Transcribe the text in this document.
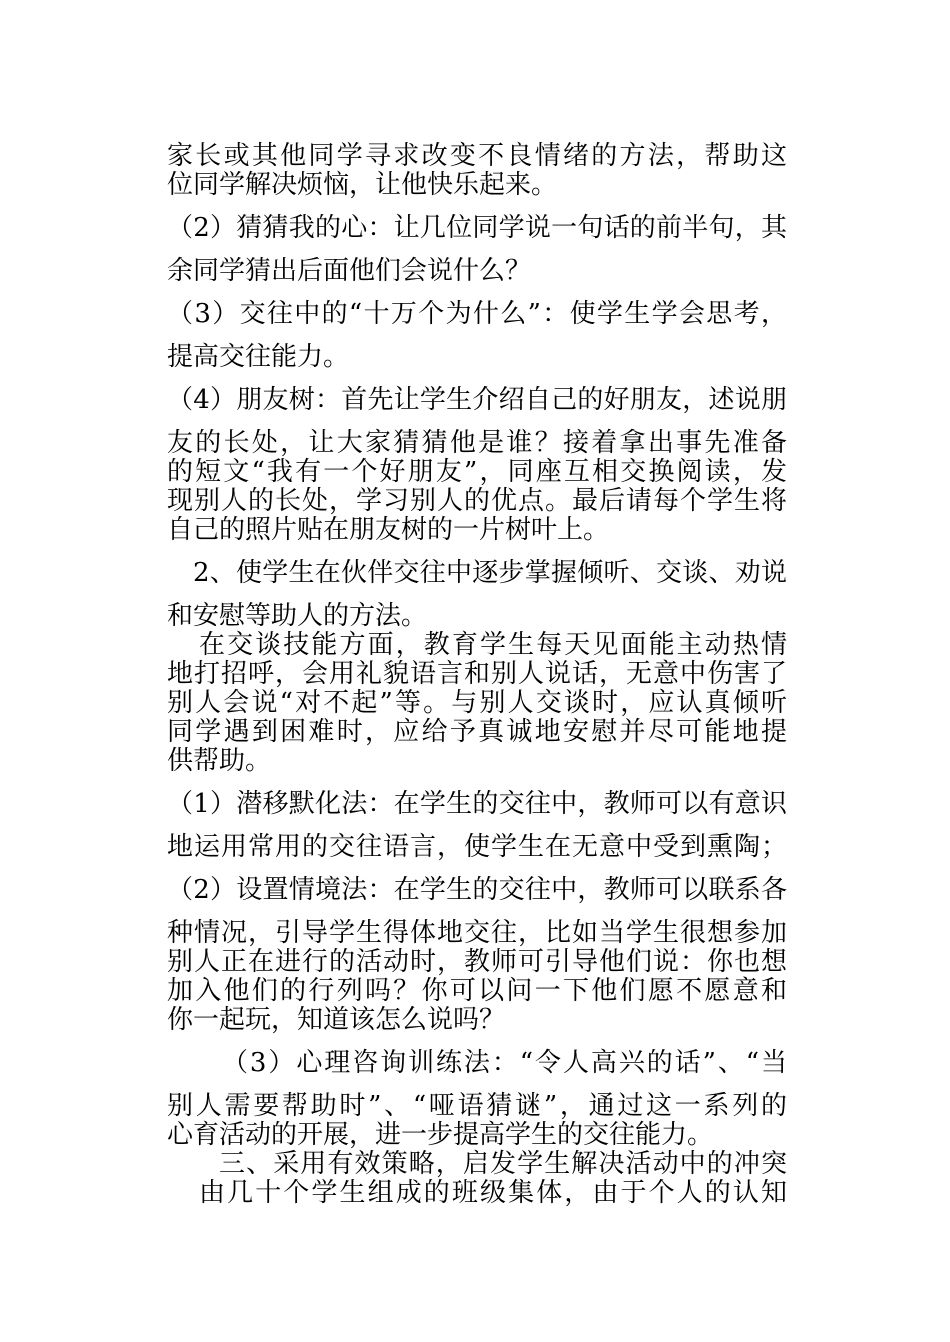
家长或其他同学寻求改变不良情绪的方法，帮助这
位同学解决烦恼，让他快乐起来。
（2）猜猜我的心：让几位同学说一句话的前半句，其
余同学猜出后面他们会说什么？
（3）交往中的“十万个为什么”：使学生学会思考，
提高交往能力。
（4）朋友树：首先让学生介绍自己的好朋友，述说朋
友的长处，让大家猜猜他是谁？接着拿出事先准备
的短文“我有一个好朋友”，同座互相交换阅读，发
现别人的长处，学习别人的优点。最后请每个学生将
自己的照片贴在朋友树的一片树叶上。
2、使学生在伙伴交往中逐步掌握倾听、交谈、劝说
和安慰等助人的方法。
在交谈技能方面，教育学生每天见面能主动热情
地打招呼，会用礼貌语言和别人说话，无意中伤害了
别人会说“对不起”等。与别人交谈时，应认真倾听
同学遇到困难时，应给予真诚地安慰并尽可能地提
供帮助。
（1）潜移默化法：在学生的交往中，教师可以有意识
地运用常用的交往语言，使学生在无意中受到熏陶；
（2）设置情境法：在学生的交往中，教师可以联系各
种情况，引导学生得体地交往，比如当学生很想参加
别人正在进行的活动时，教师可引导他们说：你也想
加入他们的行列吗？你可以问一下他们愿不愿意和
你一起玩，知道该怎么说吗？
（3）心理咨询训练法：“令人高兴的话”、“当
别人需要帮助时”、“哑语猜谜”，通过这一系列的
心育活动的开展，进一步提高学生的交往能力。
三、采用有效策略，启发学生解决活动中的冲突
由几十个学生组成的班级集体，由于个人的认知
